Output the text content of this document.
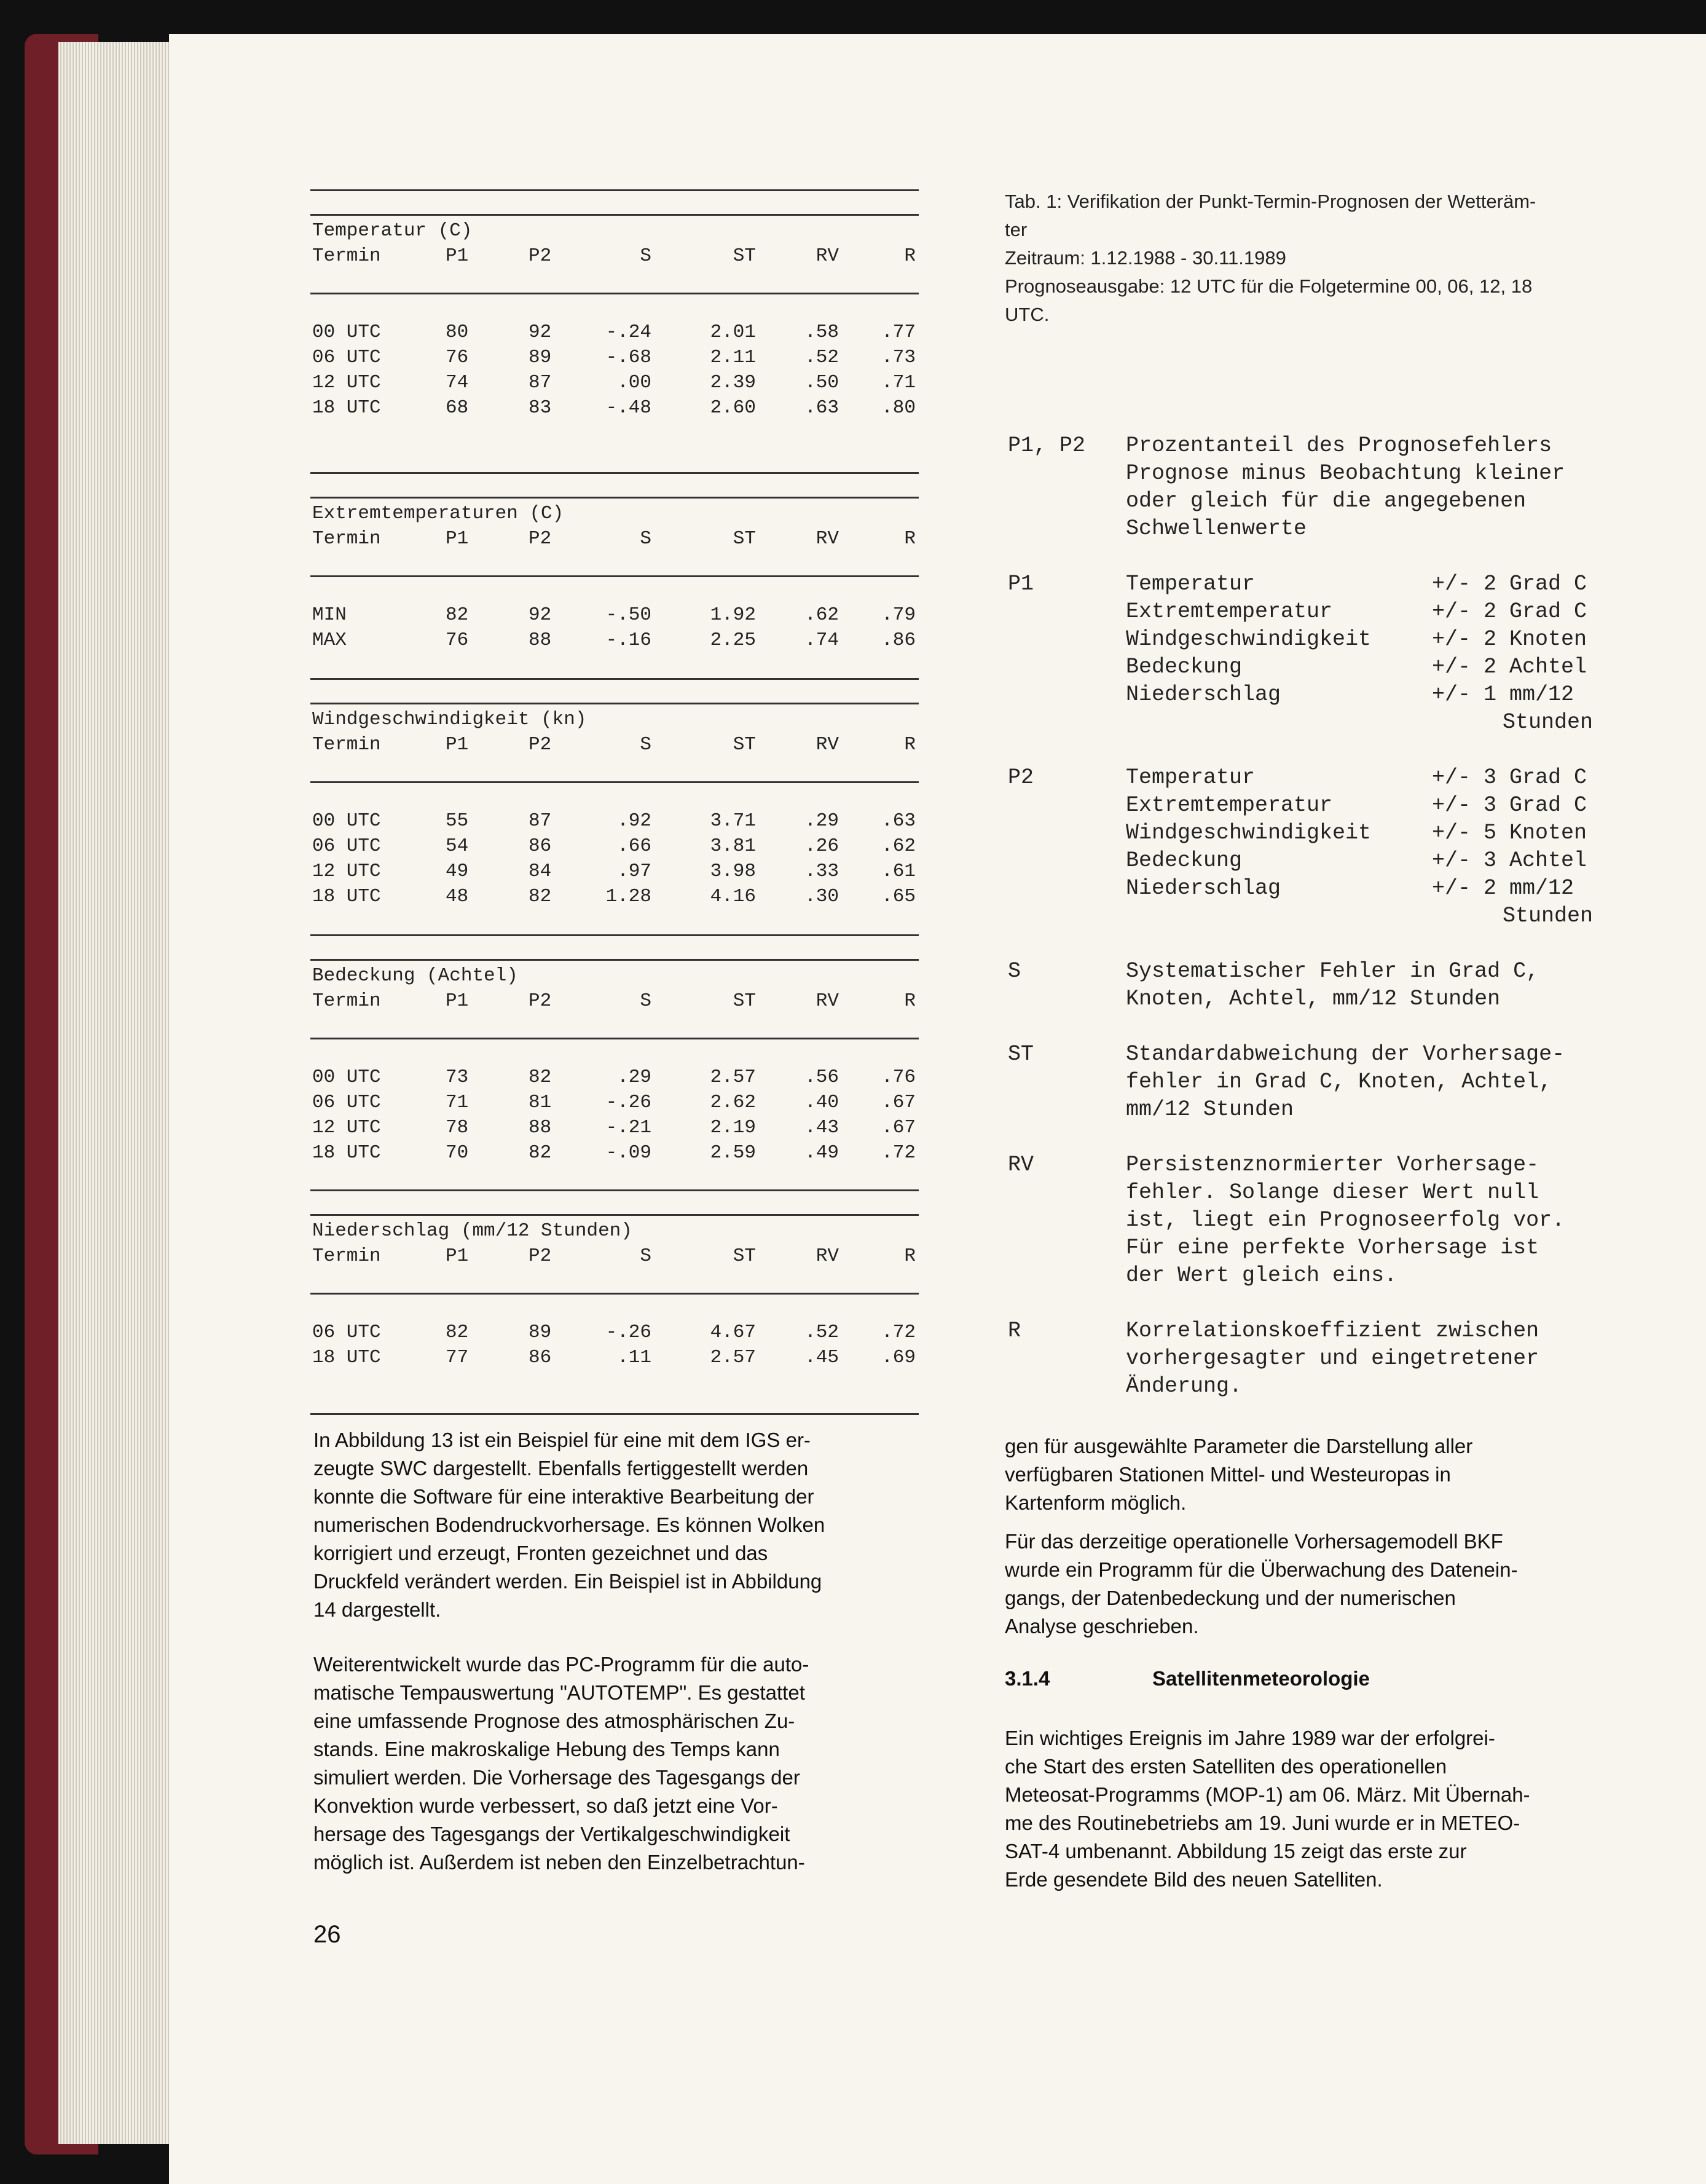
Temperatur (C)
Termin	P1	P2	S	ST	RV	R
00 UTC	80	92	-.24	2.01	.58	.77
06 UTC	76	89	-.68	2.11	.52	.73
12 UTC	74	87	.00	2.39	.50	.71
18 UTC	68	83	-.48	2.60	.63	.80
Extremtemperaturen (C)
Termin	P1	P2	S	ST	RV	R
MIN	82	92	-.50	1.92	.62	.79
MAX	76	88	-.16	2.25	.74	.86
Windgeschwindigkeit (kn)
Termin	P1	P2	S	ST	RV	R
00 UTC	55	87	.92	3.71	.29	.63
06 UTC	54	86	.66	3.81	.26	.62
12 UTC	49	84	.97	3.98	.33	.61
18 UTC	48	82	1.28	4.16	.30	.65
Bedeckung (Achtel)
Termin	P1	P2	S	ST	RV	R
00 UTC	73	82	.29	2.57	.56	.76
06 UTC	71	81	-.26	2.62	.40	.67
12 UTC	78	88	-.21	2.19	.43	.67
18 UTC	70	82	-.09	2.59	.49	.72
Niederschlag (mm/12 Stunden)
Termin	P1	P2	S	ST	RV	R
06 UTC	82	89	-.26	4.67	.52	.72
18 UTC	77	86	.11	2.57	.45	.69
In Abbildung 13 ist ein Beispiel für eine mit dem IGS er-
zeugte SWC dargestellt. Ebenfalls fertiggestellt werden
konnte die Software für eine interaktive Bearbeitung der
numerischen Bodendruckvorhersage. Es können Wolken
korrigiert und erzeugt, Fronten gezeichnet und das
Druckfeld verändert werden. Ein Beispiel ist in Abbildung
14 dargestellt.
Weiterentwickelt wurde das PC-Programm für die auto-
matische Tempauswertung "AUTOTEMP". Es gestattet
eine umfassende Prognose des atmosphärischen Zu-
stands. Eine makroskalige Hebung des Temps kann
simuliert werden. Die Vorhersage des Tagesgangs der
Konvektion wurde verbessert, so daß jetzt eine Vor-
hersage des Tagesgangs der Vertikalgeschwindigkeit
möglich ist. Außerdem ist neben den Einzelbetrachtun-
26
Tab. 1: Verifikation der Punkt-Termin-Prognosen der Wetteräm-
ter
Zeitraum: 1.12.1988 - 30.11.1989
Prognoseausgabe: 12 UTC für die Folgetermine 00, 06, 12, 18
UTC.
P1, P2 Prozentanteil des Prognosefehlers
Prognose minus Beobachtung kleiner
oder gleich für die angegebenen
Schwellenwerte
P1	Temperatur	+/- 2 Grad C
Extremtemperatur	+/- 2 Grad C
Windgeschwindigkeit	+/- 2 Knoten
Bedeckung	+/- 2 Achtel
Niederschlag	+/- 1 mm/12
Stunden
P2	Temperatur	+/- 3 Grad C
Extremtemperatur	+/- 3 Grad C
Windgeschwindigkeit	+/- 5 Knoten
Bedeckung	+/- 3 Achtel
Niederschlag	+/- 2 mm/12
Stunden
S	Systematischer Fehler in Grad C,
Knoten, Achtel, mm/12 Stunden
ST	Standardabweichung der Vorhersage-
fehler in Grad C, Knoten, Achtel,
mm/12 Stunden
RV	Persistenznormierter Vorhersage-
fehler. Solange dieser Wert null
ist, liegt ein Prognoseerfolg vor.
Für eine perfekte Vorhersage ist
der Wert gleich eins.
R	Korrelationskoeffizient zwischen
vorhergesagter und eingetretener
Änderung.
gen für ausgewählte Parameter die Darstellung aller
verfügbaren Stationen Mittel- und Westeuropas in
Kartenform möglich.
Für das derzeitige operationelle Vorhersagemodell BKF
wurde ein Programm für die Überwachung des Datenein-
gangs, der Datenbedeckung und der numerischen
Analyse geschrieben.
3.1.4	Satellitenmeteorologie
Ein wichtiges Ereignis im Jahre 1989 war der erfolgrei-
che Start des ersten Satelliten des operationellen
Meteosat-Programms (MOP-1) am 06. März. Mit Übernah-
me des Routinebetriebs am 19. Juni wurde er in METEO-
SAT-4 umbenannt. Abbildung 15 zeigt das erste zur
Erde gesendete Bild des neuen Satelliten.
